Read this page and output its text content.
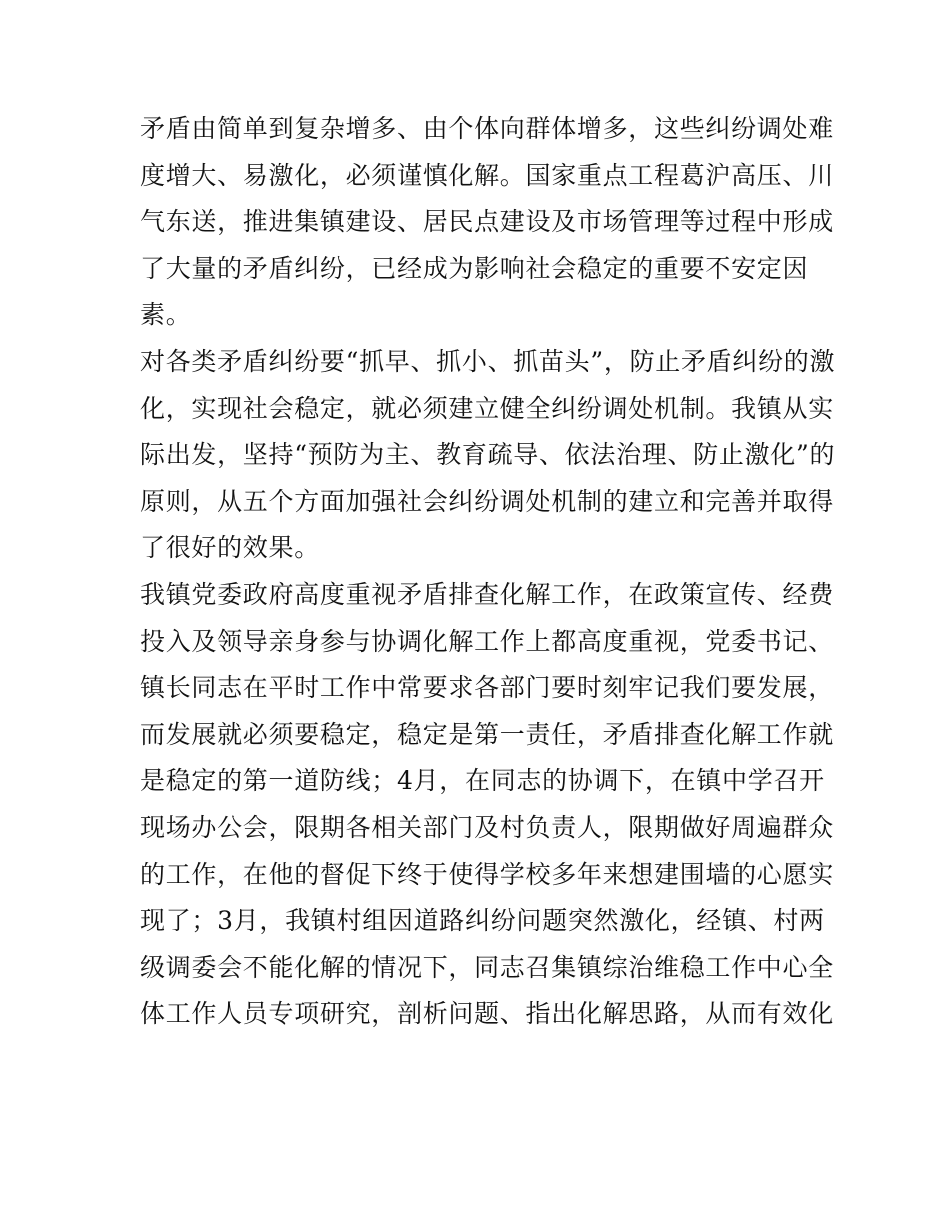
矛盾由简单到复杂增多、由个体向群体增多，这些纠纷调处难
度增大、易激化，必须谨慎化解。国家重点工程葛沪高压、川
气东送，推进集镇建设、居民点建设及市场管理等过程中形成
了大量的矛盾纠纷，已经成为影响社会稳定的重要不安定因
素。
对各类矛盾纠纷要“抓早、抓小、抓苗头”，防止矛盾纠纷的激
化，实现社会稳定，就必须建立健全纠纷调处机制。我镇从实
际出发，坚持“预防为主、教育疏导、依法治理、防止激化”的
原则，从五个方面加强社会纠纷调处机制的建立和完善并取得
了很好的效果。
我镇党委政府高度重视矛盾排查化解工作，在政策宣传、经费
投入及领导亲身参与协调化解工作上都高度重视，党委书记、
镇长同志在平时工作中常要求各部门要时刻牢记我们要发展，
而发展就必须要稳定，稳定是第一责任，矛盾排查化解工作就
是稳定的第一道防线；4月，在同志的协调下，在镇中学召开
现场办公会，限期各相关部门及村负责人，限期做好周遍群众
的工作，在他的督促下终于使得学校多年来想建围墙的心愿实
现了；3月，我镇村组因道路纠纷问题突然激化，经镇、村两
级调委会不能化解的情况下，同志召集镇综治维稳工作中心全
体工作人员专项研究，剖析问题、指出化解思路，从而有效化
